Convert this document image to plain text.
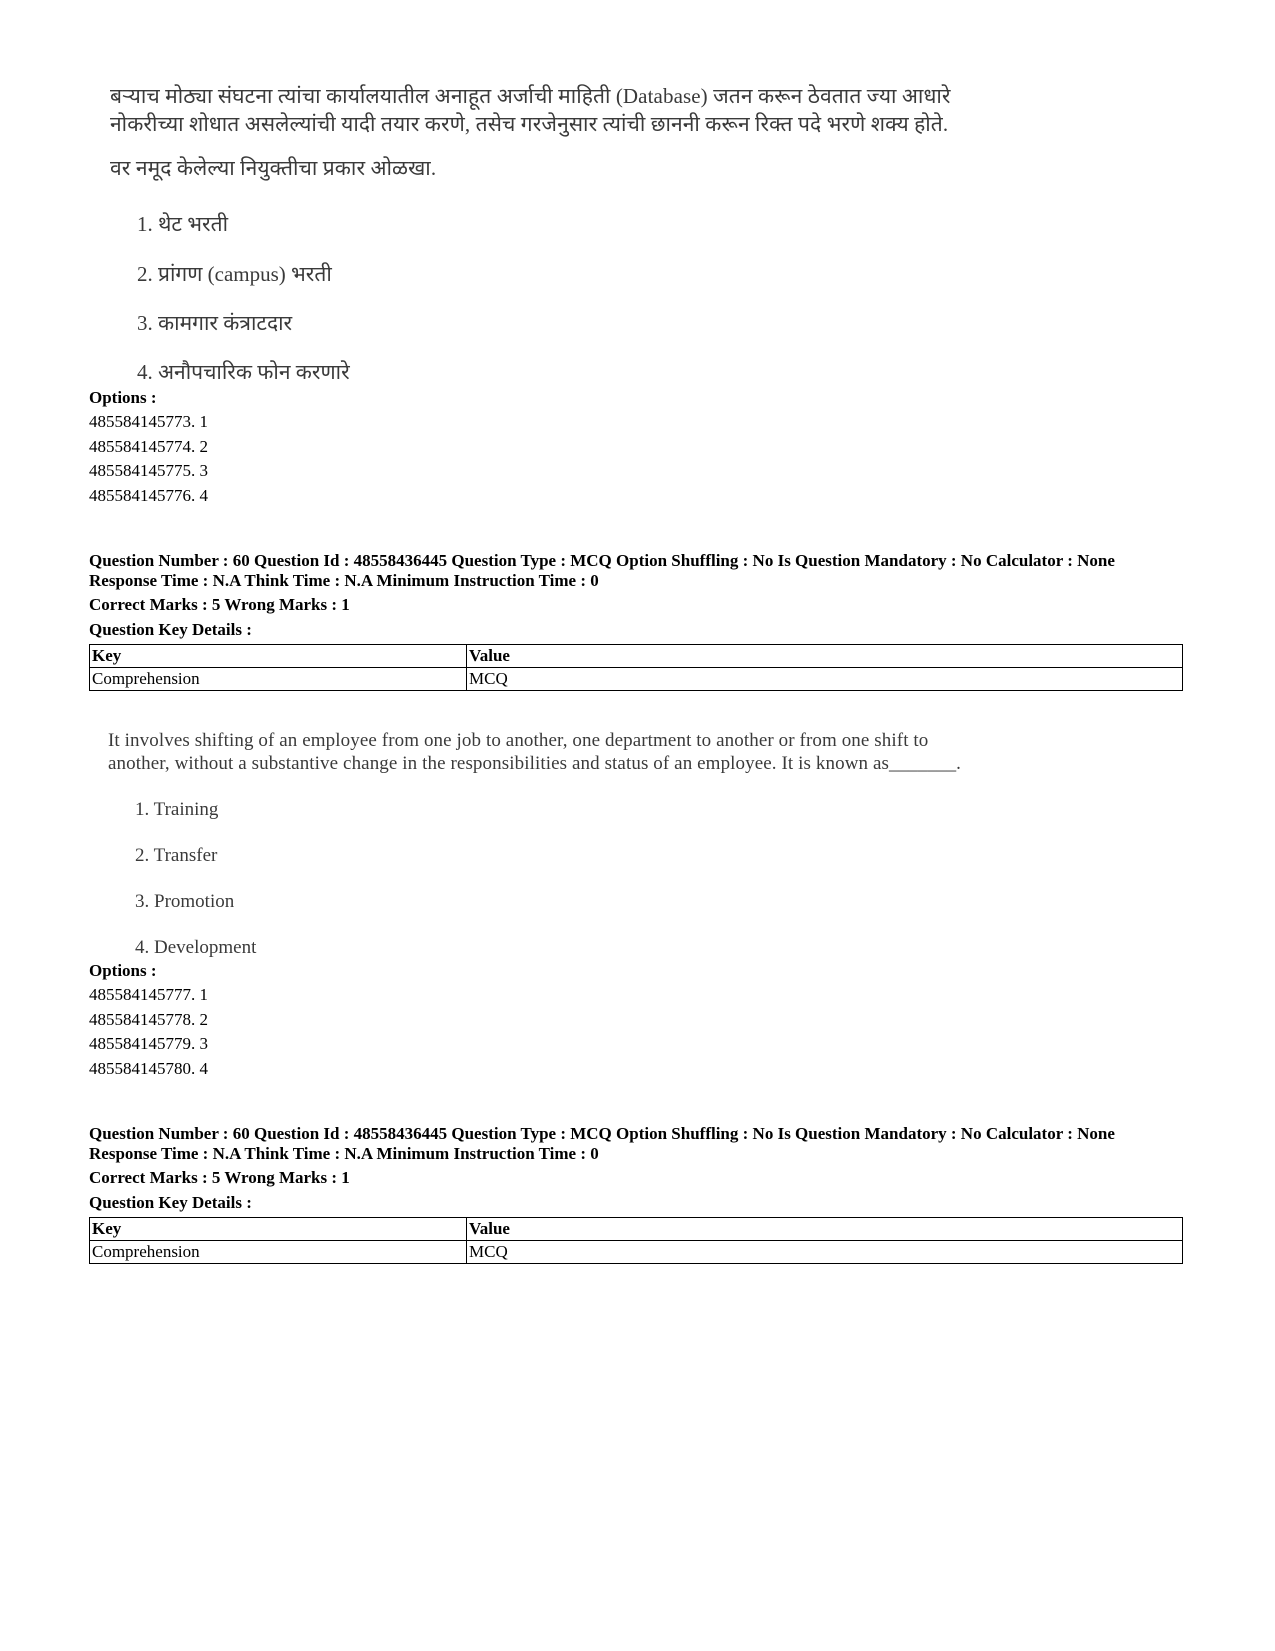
बऱ्याच मोठ्या संघटना त्यांचा कार्यालयातील अनाहूत अर्जाची माहिती (Database) जतन करून ठेवतात ज्या आधारे
नोकरीच्या शोधात असलेल्यांची यादी तयार करणे, तसेच गरजेनुसार त्यांची छाननी करून रिक्त पदे भरणे शक्य होते.
वर नमूद केलेल्या नियुक्तीचा प्रकार ओळखा.
1. थेट भरती
2. प्रांगण (campus) भरती
3. कामगार कंत्राटदार
4. अनौपचारिक फोन करणारे
Options :
485584145773. 1
485584145774. 2
485584145775. 3
485584145776. 4
Question Number : 60 Question Id : 48558436445 Question Type : MCQ Option Shuffling : No Is Question Mandatory : No Calculator : None
Response Time : N.A Think Time : N.A Minimum Instruction Time : 0
Correct Marks : 5 Wrong Marks : 1
Question Key Details :
Key	Value
Comprehension	MCQ
It involves shifting of an employee from one job to another, one department to another or from one shift to
another, without a substantive change in the responsibilities and status of an employee. It is known as_______.
1. Training
2. Transfer
3. Promotion
4. Development
Options :
485584145777. 1
485584145778. 2
485584145779. 3
485584145780. 4
Question Number : 60 Question Id : 48558436445 Question Type : MCQ Option Shuffling : No Is Question Mandatory : No Calculator : None
Response Time : N.A Think Time : N.A Minimum Instruction Time : 0
Correct Marks : 5 Wrong Marks : 1
Question Key Details :
Key	Value
Comprehension	MCQ
